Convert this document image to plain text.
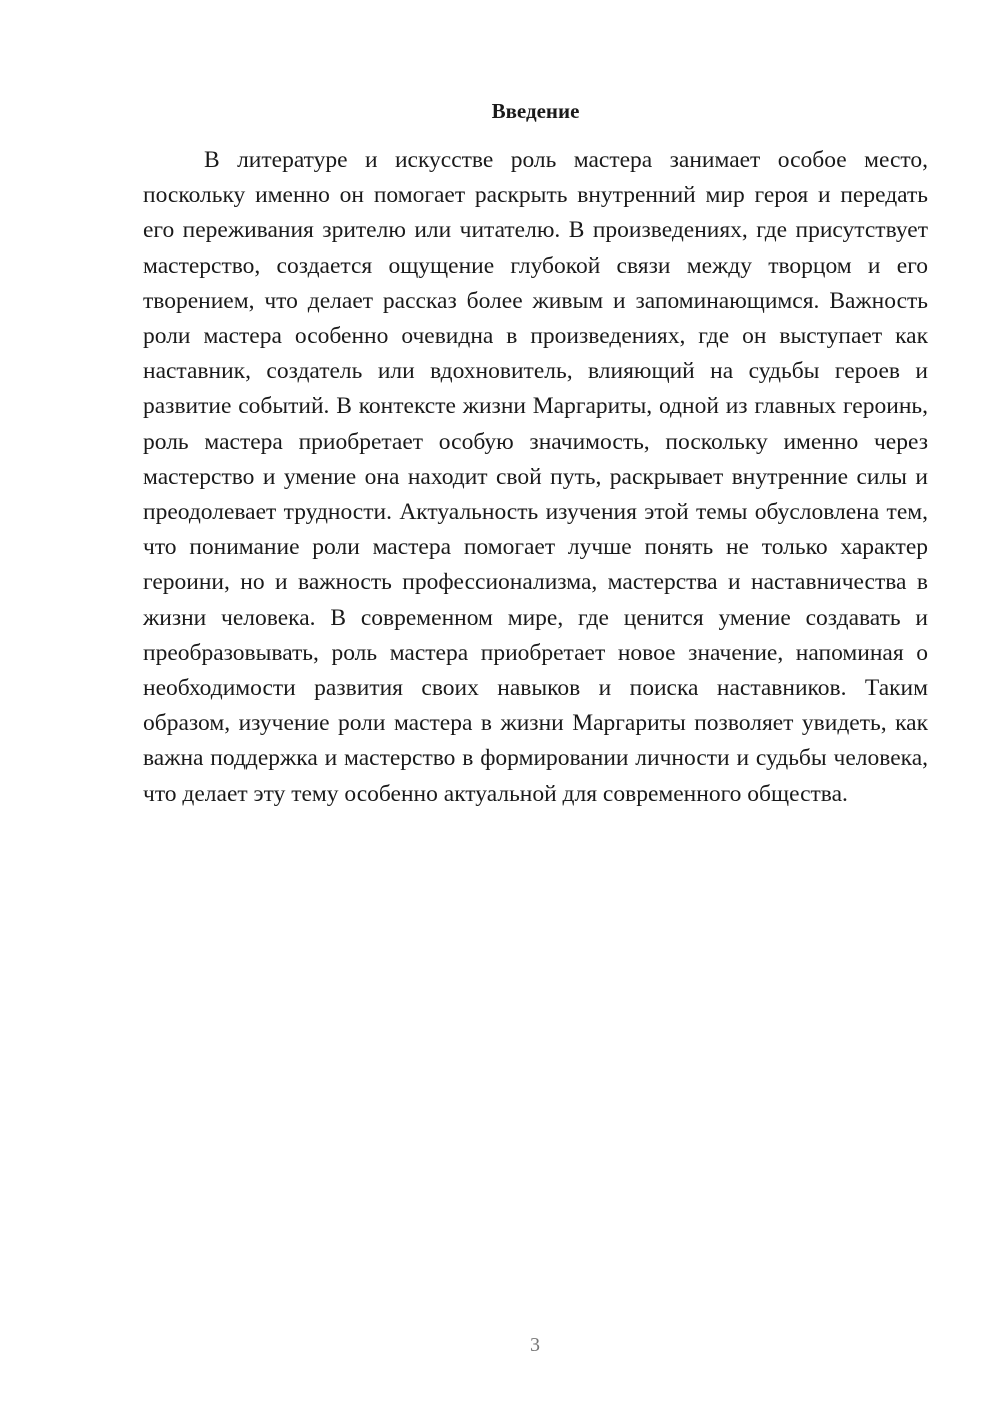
Введение

В литературе и искусстве роль мастера занимает особое место, поскольку именно он помогает раскрыть внутренний мир героя и передать его переживания зрителю или читателю. В произведениях, где присутствует мастерство, создается ощущение глубокой связи между творцом и его творением, что делает рассказ более живым и запоминающимся. Важность роли мастера особенно очевидна в произведениях, где он выступает как наставник, создатель или вдохновитель, влияющий на судьбы героев и развитие событий. В контексте жизни Маргариты, одной из главных героинь, роль мастера приобретает особую значимость, поскольку именно через мастерство и умение она находит свой путь, раскрывает внутренние силы и преодолевает трудности. Актуальность изучения этой темы обусловлена тем, что понимание роли мастера помогает лучше понять не только характер героини, но и важность профессионализма, мастерства и наставничества в жизни человека. В современном мире, где ценится умение создавать и преобразовывать, роль мастера приобретает новое значение, напоминая о необходимости развития своих навыков и поиска наставников. Таким образом, изучение роли мастера в жизни Маргариты позволяет увидеть, как важна поддержка и мастерство в формировании личности и судьбы человека, что делает эту тему особенно актуальной для современного общества.

3
